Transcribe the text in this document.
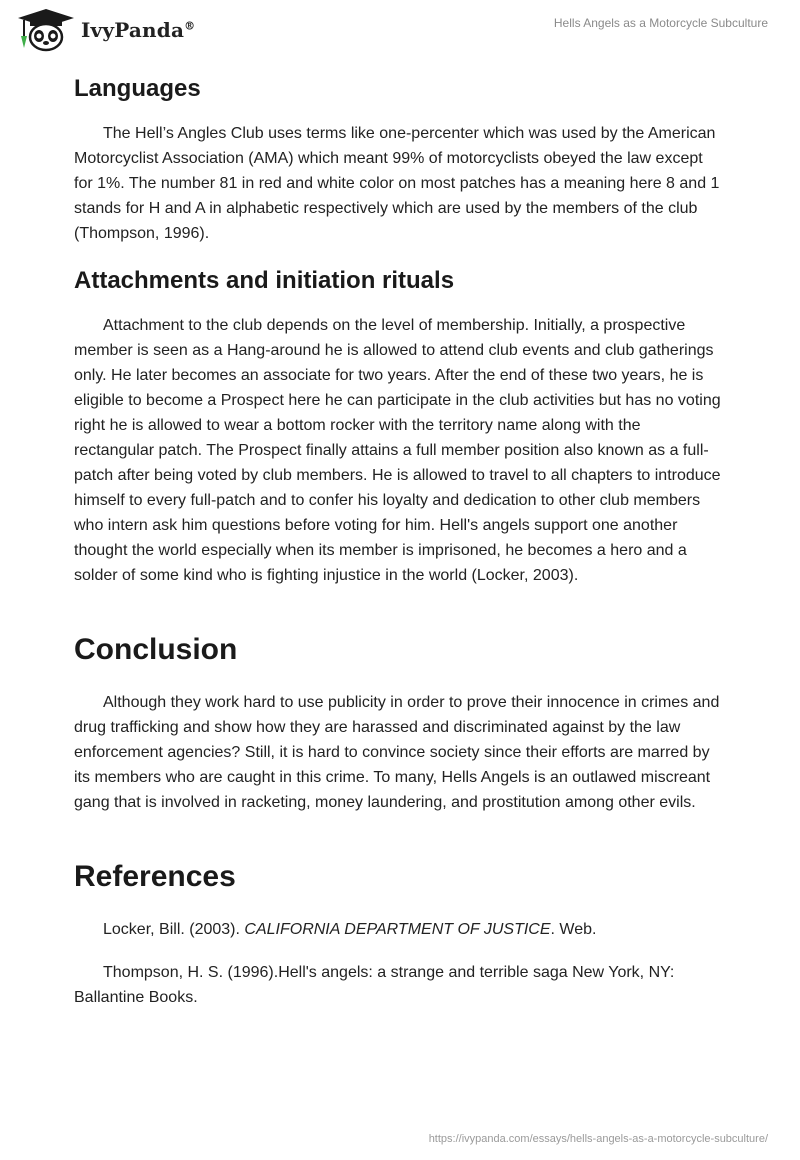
IvyPanda®	Hells Angels as a Motorcycle Subculture
Languages

The Hell’s Angles Club uses terms like one-percenter which was used by the American Motorcyclist Association (AMA) which meant 99% of motorcyclists obeyed the law except for 1%. The number 81 in red and white color on most patches has a meaning here 8 and 1 stands for H and A in alphabetic respectively which are used by the members of the club (Thompson, 1996).

Attachments and initiation rituals

Attachment to the club depends on the level of membership. Initially, a prospective member is seen as a Hang-around he is allowed to attend club events and club gatherings only. He later becomes an associate for two years. After the end of these two years, he is eligible to become a Prospect here he can participate in the club activities but has no voting right he is allowed to wear a bottom rocker with the territory name along with the rectangular patch. The Prospect finally attains a full member position also known as a full-patch after being voted by club members. He is allowed to travel to all chapters to introduce himself to every full-patch and to confer his loyalty and dedication to other club members who intern ask him questions before voting for him. Hell's angels support one another thought the world especially when its member is imprisoned, he becomes a hero and a solder of some kind who is fighting injustice in the world (Locker, 2003).

Conclusion

Although they work hard to use publicity in order to prove their innocence in crimes and drug trafficking and show how they are harassed and discriminated against by the law enforcement agencies? Still, it is hard to convince society since their efforts are marred by its members who are caught in this crime. To many, Hells Angels is an outlawed miscreant gang that is involved in racketing, money laundering, and prostitution among other evils.

References

Locker, Bill. (2003). CALIFORNIA DEPARTMENT OF JUSTICE. Web.

Thompson, H. S. (1996).Hell's angels: a strange and terrible saga New York, NY: Ballantine Books.

https://ivypanda.com/essays/hells-angels-as-a-motorcycle-subculture/
